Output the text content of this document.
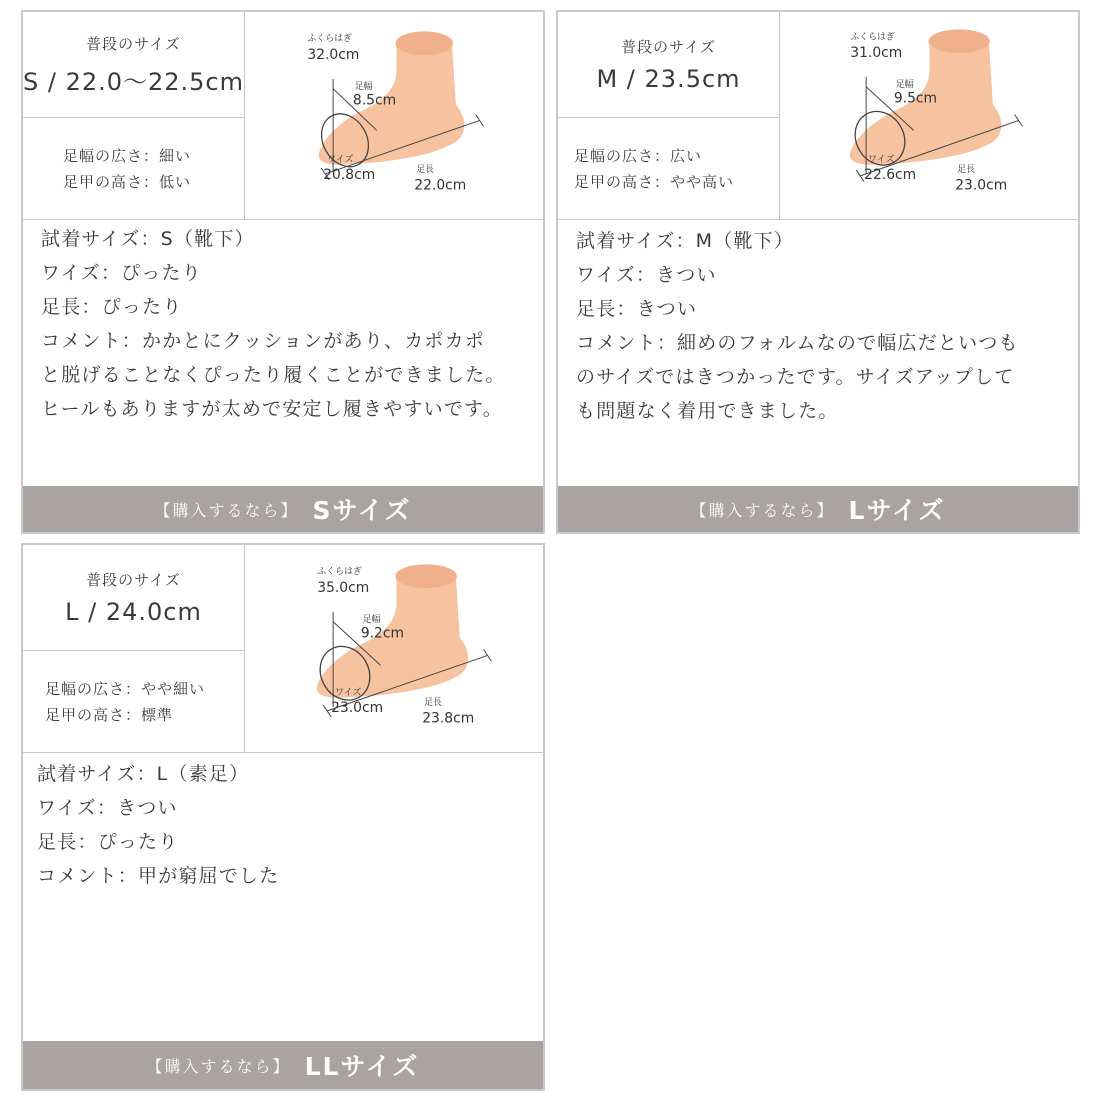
普段のサイズ
S / 22.0〜22.5cm
足幅の広さ：細い
足甲の高さ：低い
ふくらはぎ
32.0cm
足幅
8.5cm
ワイズ
20.8cm	足長
22.0cm
試着サイズ：S（靴下）
ワイズ：ぴったり
足長：ぴったり
コメント：かかとにクッションがあり、カポカポ
と脱げることなくぴったり履くことができました。
ヒールもありますが太めで安定し履きやすいです。
【購入するなら】 Sサイズ
普段のサイズ
M / 23.5cm
足幅の広さ：広い
足甲の高さ：やや高い
ふくらはぎ
31.0cm
足幅
9.5cm
ワイズ
22.6cm	足長
23.0cm
試着サイズ：M（靴下）
ワイズ：きつい
足長：きつい
コメント：細めのフォルムなので幅広だといつも
のサイズではきつかったです。サイズアップして
も問題なく着用できました。
【購入するなら】 Lサイズ
普段のサイズ
L / 24.0cm
足幅の広さ：やや細い
足甲の高さ：標準
ふくらはぎ
35.0cm
足幅
9.2cm
ワイズ
23.0cm	足長
23.8cm
試着サイズ：L（素足）
ワイズ：きつい
足長：ぴったり
コメント：甲が窮屈でした
【購入するなら】 LLサイズ
